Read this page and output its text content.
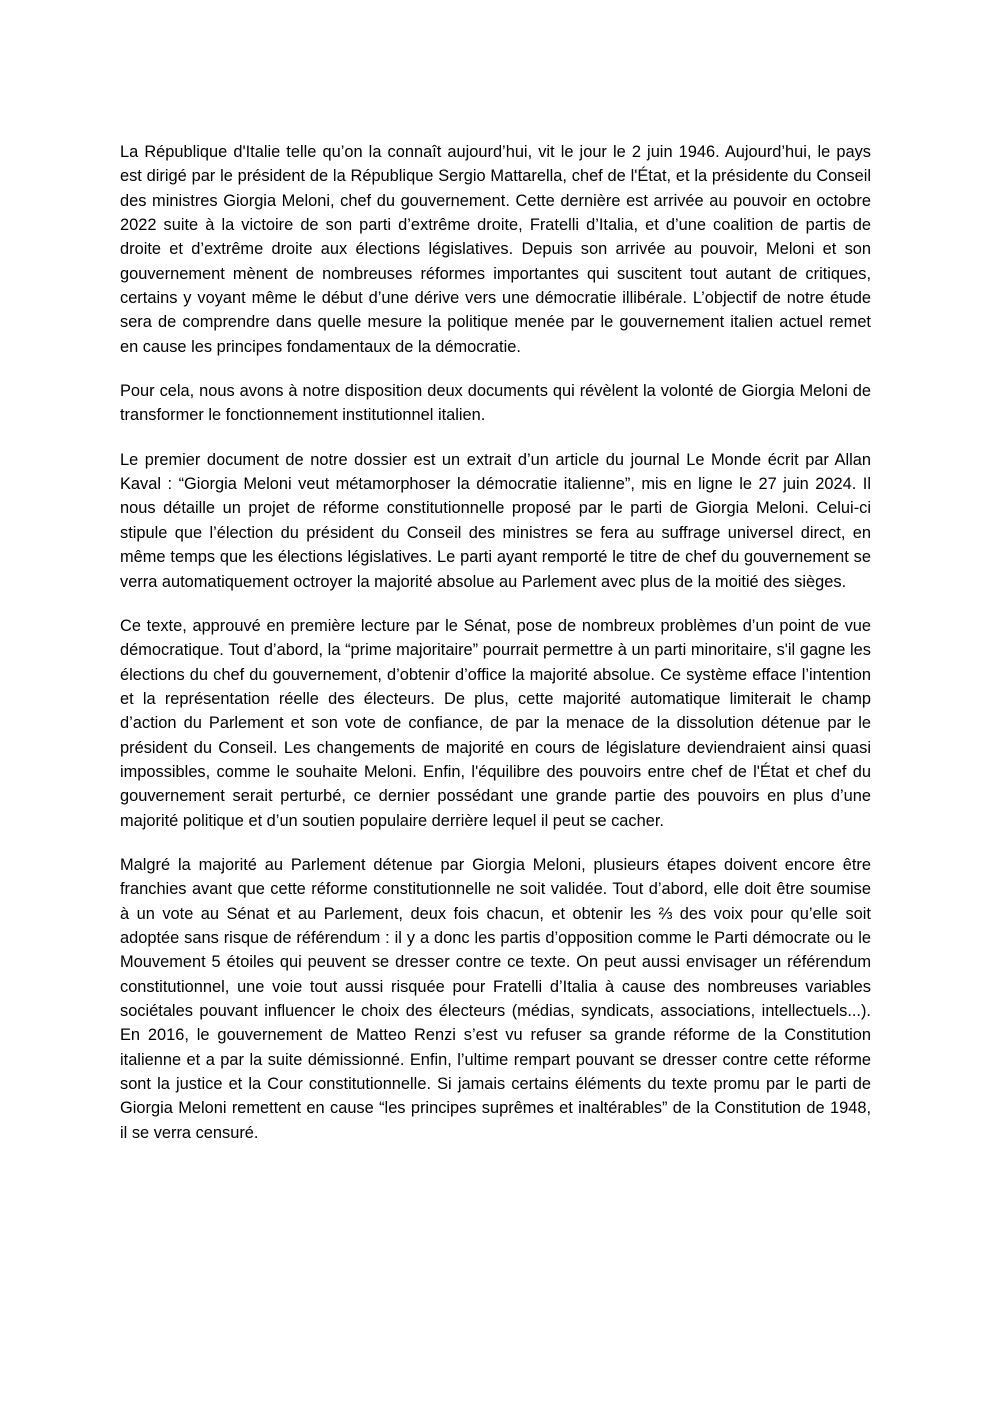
La République d'Italie telle qu’on la connaît aujourd’hui, vit le jour le 2 juin 1946. Aujourd’hui, le pays est dirigé par le président de la République Sergio Mattarella, chef de l'État, et la présidente du Conseil des ministres Giorgia Meloni, chef du gouvernement. Cette dernière est arrivée au pouvoir en octobre 2022 suite à la victoire de son parti d’extrême droite, Fratelli d’Italia, et d’une coalition de partis de droite et d’extrême droite aux élections législatives. Depuis son arrivée au pouvoir, Meloni et son gouvernement mènent de nombreuses réformes importantes qui suscitent tout autant de critiques, certains y voyant même le début d’une dérive vers une démocratie illibérale. L’objectif de notre étude sera de comprendre dans quelle mesure la politique menée par le gouvernement italien actuel remet en cause les principes fondamentaux de la démocratie.

Pour cela, nous avons à notre disposition deux documents qui révèlent la volonté de Giorgia Meloni de transformer le fonctionnement institutionnel italien.

Le premier document de notre dossier est un extrait d’un article du journal Le Monde écrit par Allan Kaval : “Giorgia Meloni veut métamorphoser la démocratie italienne”, mis en ligne le 27 juin 2024. Il nous détaille un projet de réforme constitutionnelle proposé par le parti de Giorgia Meloni. Celui-ci stipule que l’élection du président du Conseil des ministres se fera au suffrage universel direct, en même temps que les élections législatives. Le parti ayant remporté le titre de chef du gouvernement se verra automatiquement octroyer la majorité absolue au Parlement avec plus de la moitié des sièges.

Ce texte, approuvé en première lecture par le Sénat, pose de nombreux problèmes d’un point de vue démocratique. Tout d’abord, la “prime majoritaire” pourrait permettre à un parti minoritaire, s'il gagne les élections du chef du gouvernement, d’obtenir d’office la majorité absolue. Ce système efface l’intention et la représentation réelle des électeurs. De plus, cette majorité automatique limiterait le champ d’action du Parlement et son vote de confiance, de par la menace de la dissolution détenue par le président du Conseil. Les changements de majorité en cours de législature deviendraient ainsi quasi impossibles, comme le souhaite Meloni. Enfin, l'équilibre des pouvoirs entre chef de l'État et chef du gouvernement serait perturbé, ce dernier possédant une grande partie des pouvoirs en plus d’une majorité politique et d’un soutien populaire derrière lequel il peut se cacher.

Malgré la majorité au Parlement détenue par Giorgia Meloni, plusieurs étapes doivent encore être franchies avant que cette réforme constitutionnelle ne soit validée. Tout d’abord, elle doit être soumise à un vote au Sénat et au Parlement, deux fois chacun, et obtenir les ⅔ des voix pour qu’elle soit adoptée sans risque de référendum : il y a donc les partis d’opposition comme le Parti démocrate ou le Mouvement 5 étoiles qui peuvent se dresser contre ce texte. On peut aussi envisager un référendum constitutionnel, une voie tout aussi risquée pour Fratelli d’Italia à cause des nombreuses variables sociétales pouvant influencer le choix des électeurs (médias, syndicats, associations, intellectuels...). En 2016, le gouvernement de Matteo Renzi s’est vu refuser sa grande réforme de la Constitution italienne et a par la suite démissionné. Enfin, l’ultime rempart pouvant se dresser contre cette réforme sont la justice et la Cour constitutionnelle. Si jamais certains éléments du texte promu par le parti de Giorgia Meloni remettent en cause “les principes suprêmes et inaltérables” de la Constitution de 1948, il se verra censuré.
